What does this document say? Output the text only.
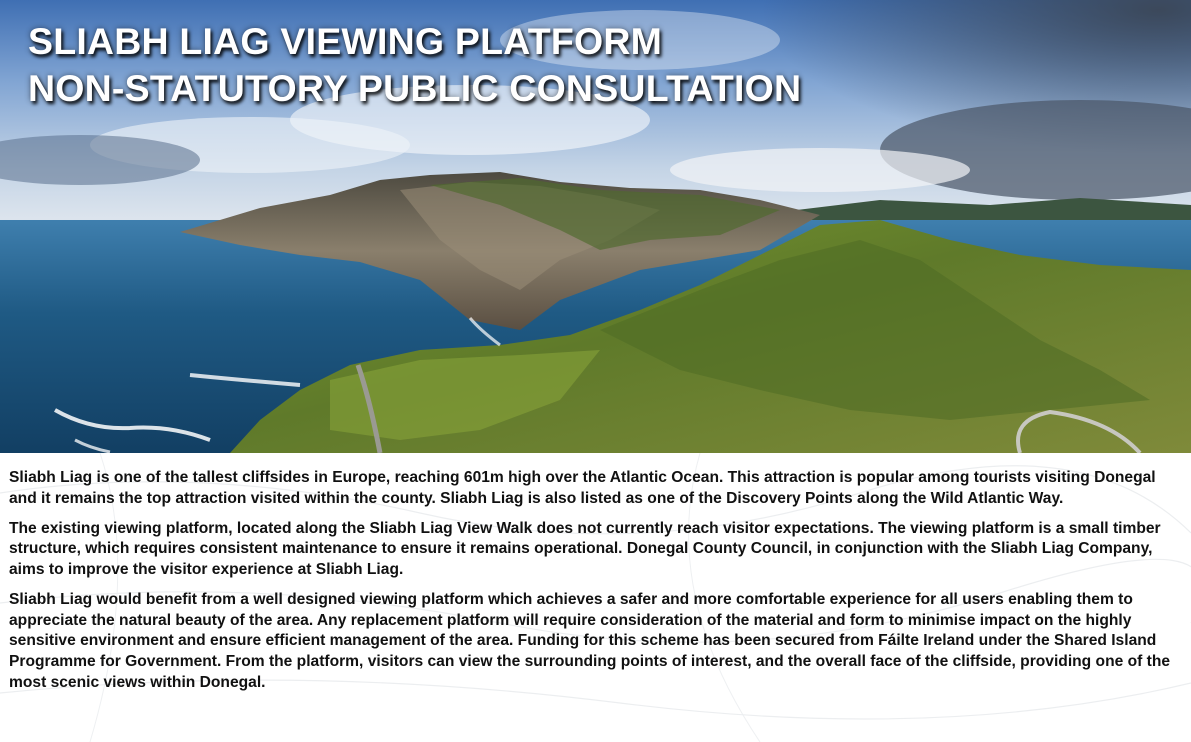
SLIABH LIAG VIEWING PLATFORM
NON-STATUTORY PUBLIC CONSULTATION

Sliabh Liag is one of the tallest cliffsides in Europe, reaching 601m high over the Atlantic Ocean. This attraction is popular among tourists visiting Donegal and it remains the top attraction visited within the county. Sliabh Liag is also listed as one of the Discovery Points along the Wild Atlantic Way.

The existing viewing platform, located along the Sliabh Liag View Walk does not currently reach visitor expectations. The viewing platform is a small timber structure, which requires consistent maintenance to ensure it remains operational. Donegal County Council, in conjunction with the Sliabh Liag Company, aims to improve the visitor experience at Sliabh Liag.

Sliabh Liag would benefit from a well designed viewing platform which achieves a safer and more comfortable experience for all users enabling them to appreciate the natural beauty of the area. Any replacement platform will require consideration of the material and form to minimise impact on the highly sensitive environment and ensure efficient management of the area. Funding for this scheme has been secured from Fáilte Ireland under the Shared Island Programme for Government. From the platform, visitors can view the surrounding points of interest, and the overall face of the cliffside, providing one of the most scenic views within Donegal.
